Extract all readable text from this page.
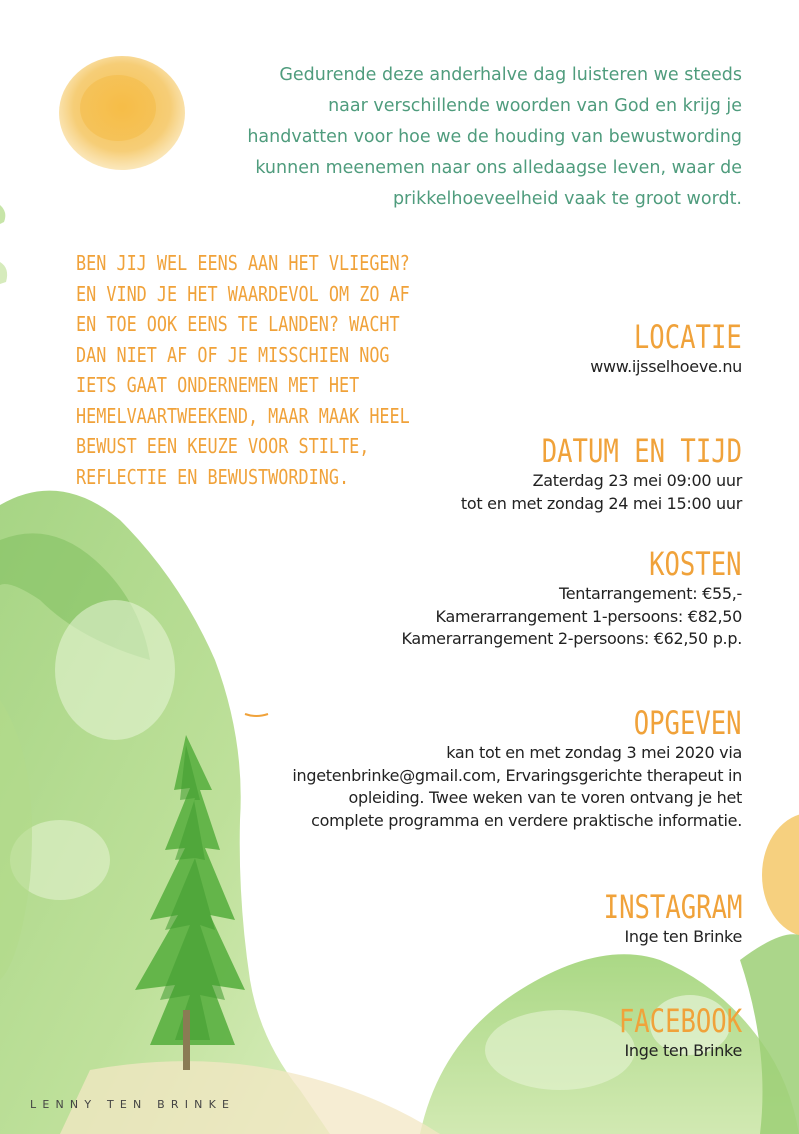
Gedurende deze anderhalve dag luisteren we steeds
naar verschillende woorden van God en krijg je
handvatten voor hoe we de houding van bewustwording
kunnen meenemen naar ons alledaagse leven, waar de
prikkelhoeveelheid vaak te groot wordt.
BEN JIJ WEL EENS AAN HET VLIEGEN?
EN VIND JE HET WAARDEVOL OM ZO AF
EN TOE OOK EENS TE LANDEN? WACHT
DAN NIET AF OF JE MISSCHIEN NOG
IETS GAAT ONDERNEMEN MET HET
HEMELVAARTWEEKEND, MAAR MAAK HEEL
BEWUST EEN KEUZE VOOR STILTE,
REFLECTIE EN BEWUSTWORDING.
LOCATIE
www.ijsselhoeve.nu
DATUM EN TIJD
Zaterdag 23 mei 09:00 uur
tot en met zondag 24 mei 15:00 uur
KOSTEN
Tentarrangement: €55,-
Kamerarrangement 1-persoons: €82,50
Kamerarrangement 2-persoons: €62,50 p.p.
OPGEVEN
kan tot en met zondag 3 mei 2020 via
ingetenbrinke@gmail.com, Ervaringsgerichte therapeut in
opleiding. Twee weken van te voren ontvang je het
complete programma en verdere praktische informatie.
INSTAGRAM
Inge ten Brinke
FACEBOOK
Inge ten Brinke
LENNY TEN BRINKE
